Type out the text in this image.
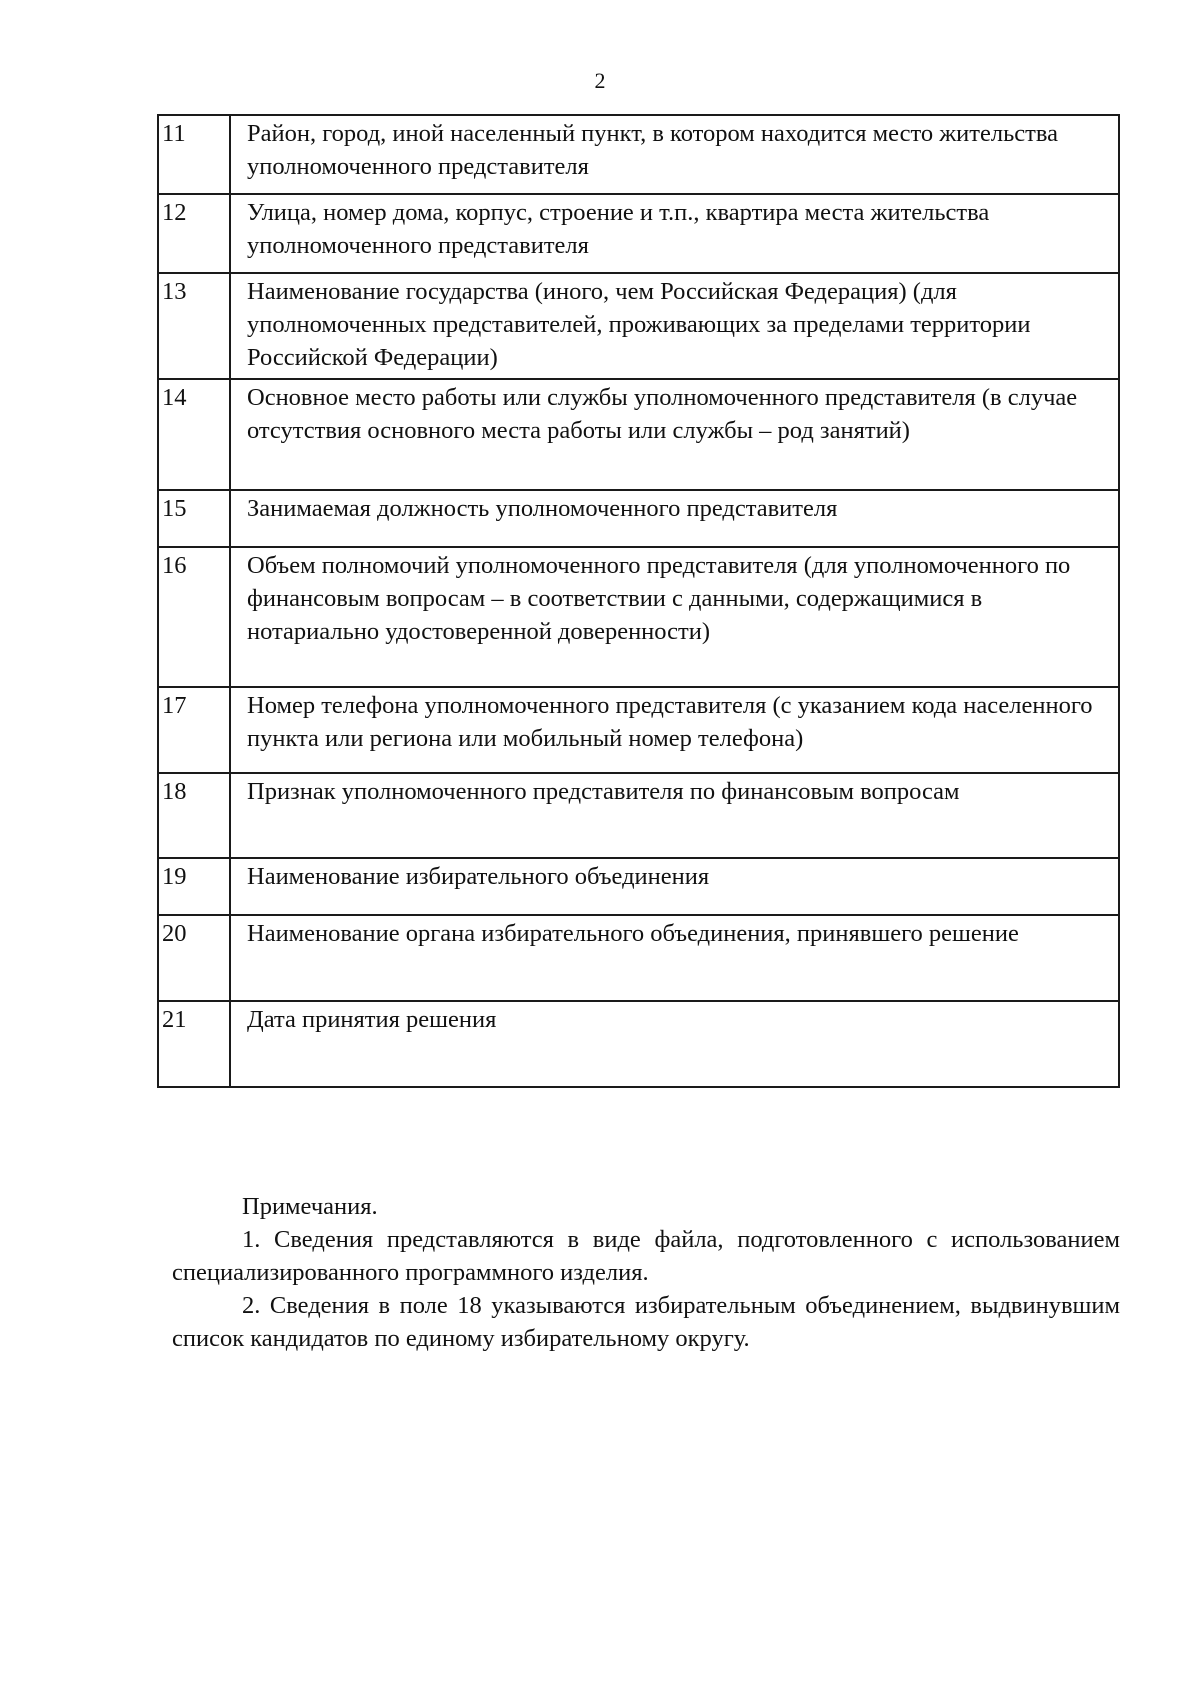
2
11	Район, город, иной населенный пункт, в котором находится место жительства уполномоченного представителя
12	Улица, номер дома, корпус, строение и т.п., квартира места жительства уполномоченного представителя
13	Наименование государства (иного, чем Российская Федерация) (для уполномоченных представителей, проживающих за пределами территории Российской Федерации)
14	Основное место работы или службы уполномоченного представителя (в случае отсутствия основного места работы или службы – род занятий)
15	Занимаемая должность уполномоченного представителя
16	Объем полномочий уполномоченного представителя (для уполномоченного по финансовым вопросам – в соответствии с данными, содержащимися в нотариально удостоверенной доверенности)
17	Номер телефона уполномоченного представителя (с указанием кода населенного пункта или региона или мобильный номер телефона)
18	Признак уполномоченного представителя по финансовым вопросам
19	Наименование избирательного объединения
20	Наименование органа избирательного объединения, принявшего решение
21	Дата принятия решения

Примечания.

1. Сведения представляются в виде файла, подготовленного с использованием специализированного программного изделия.

2. Сведения в поле 18 указываются избирательным объединением, выдвинувшим список кандидатов по единому избирательному округу.
